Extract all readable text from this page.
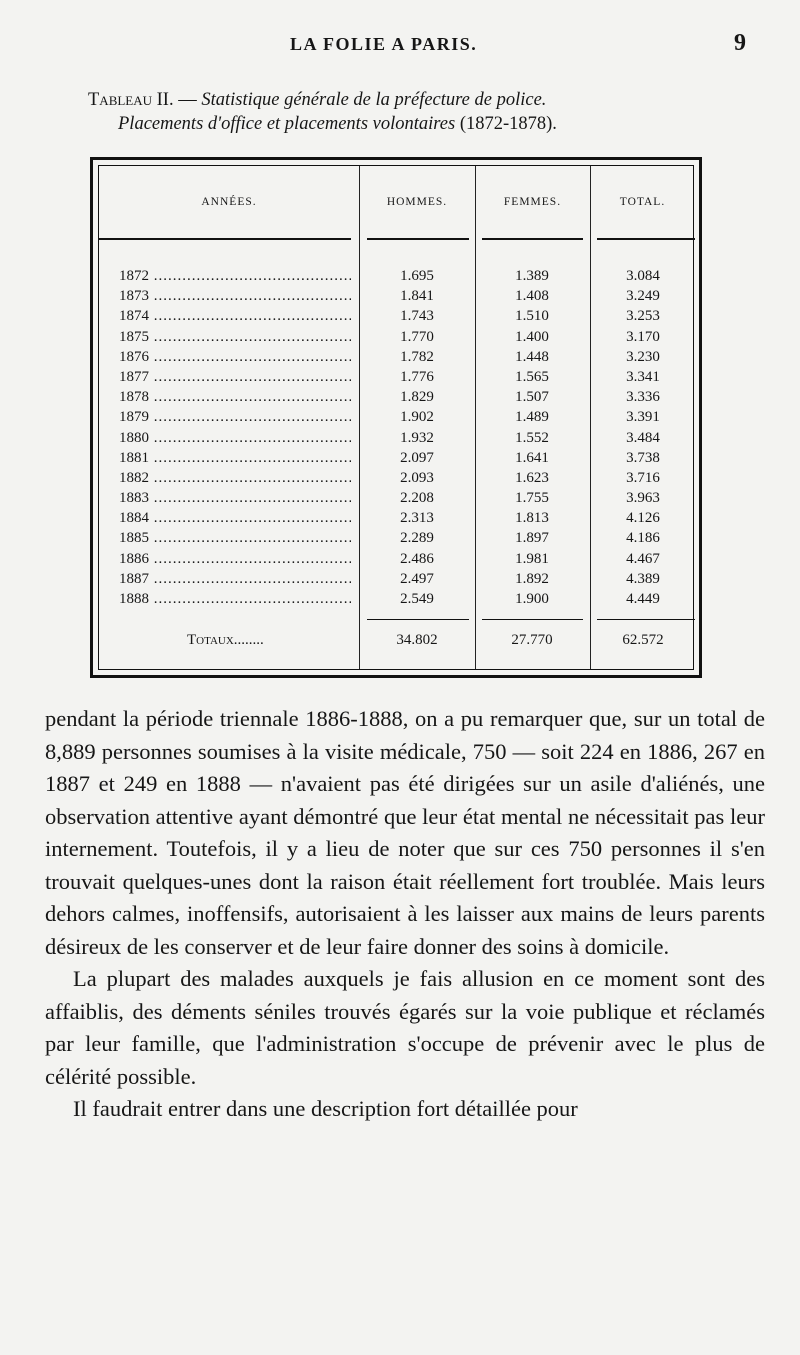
LA FOLIE A PARIS.	9
Tableau II. — Statistique générale de la préfecture de police.
Placements d'office et placements volontaires (1872-1878).
ANNÉES.	HOMMES.	FEMMES.	TOTAL.
1872 .....	1.695	1.389	3.084
1873 .....	1.841	1.408	3.249
1874 .....	1.743	1.510	3.253
1875 .....	1.770	1.400	3.170
1876 .....	1.782	1.448	3.230
1877 .....	1.776	1.565	3.341
1878 .....	1.829	1.507	3.336
1879 .....	1.902	1.489	3.391
1880 .....	1.932	1.552	3.484
1881 .....	2.097	1.641	3.738
1882 .....	2.093	1.623	3.716
1883 .....	2.208	1.755	3.963
1884 .....	2.313	1.813	4.126
1885 .....	2.289	1.897	4.186
1886 .....	2.486	1.981	4.467
1887 .....	2.497	1.892	4.389
1888 .....	2.549	1.900	4.449
Totaux ........	34.802	27.770	62.572

pendant la période triennale 1886-1888, on a pu remarquer que, sur un total de 8,889 personnes soumises à la visite médicale, 750 — soit 224 en 1886, 267 en 1887 et 249 en 1888 — n'avaient pas été dirigées sur un asile d'aliénés, une observation attentive ayant démontré que leur état mental ne nécessitait pas leur internement. Toutefois, il y a lieu de noter que sur ces 750 personnes il s'en trouvait quelques-unes dont la raison était réellement fort troublée. Mais leurs dehors calmes, inoffensifs, autorisaient à les laisser aux mains de leurs parents désireux de les conserver et de leur faire donner des soins à domicile.

La plupart des malades auxquels je fais allusion en ce moment sont des affaiblis, des déments séniles trouvés égarés sur la voie publique et réclamés par leur famille, que l'administration s'occupe de prévenir avec le plus de célérité possible.

Il faudrait entrer dans une description fort détaillée pour
